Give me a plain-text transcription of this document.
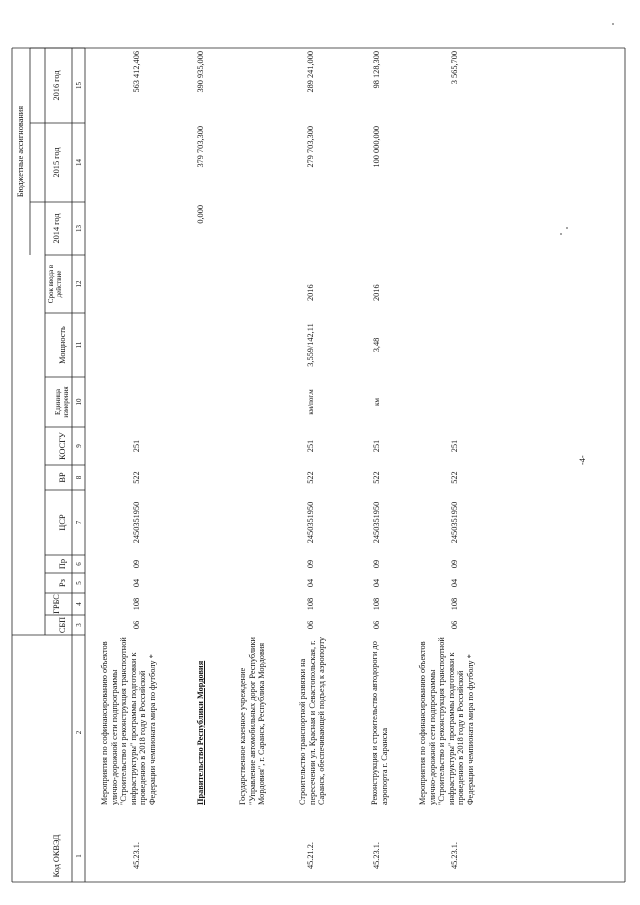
Код ОКВЭД
СБП
ГРБС
Рз
Пр
ЦСР
ВР
КОСГУ
Единица измерения
Мощность
Срок ввода в действие
Бюджетные ассигнования
2014 год
2015 год
2016 год
1
2
3
4
5
6
7
8
9
10
11
12
13
14
15
45.23.1.
Мероприятия по софинансированию объектов улично-дорожной сети подпрограммы "Строительство и реконструкция транспортной инфраструктуры" программы подготовки к проведению в 2018 году в Российской Федерации чемпионата мира по футболу *
06
108
04
09
2450351950
522
251
563 412,406
Правительство Республики Мордовия
0,000
379 703,300
390 935,000
Государственное казенное учреждение "Управление автомобильных дорог Республики Мордовия", г. Саранск, Республика Мордовия
45.21.2.
Строительство транспортной развязки на пересечении ул. Красная и Севастопольская, г. Саранск, обеспечивающей подъезд к аэропорту
06
108
04
09
2450351950
522
251
км/пог.м
3,559/142,11
2016
279 703,300
289 241,000
45.23.1.
Реконструкция и строительство автодороги до аэропорта г. Саранска
06
108
04
09
2450351950
522
251
км
3,48
2016
100 000,000
98 128,300
45.23.1.
Мероприятия по софинансированию объектов улично-дорожной сети подпрограммы "Строительство и реконструкция транспортной инфраструктуры" программы подготовки к проведению в 2018 году в Российской Федерации чемпионата мира по футболу *
06
108
04
09
2450351950
522
251
3 565,700
-4-
